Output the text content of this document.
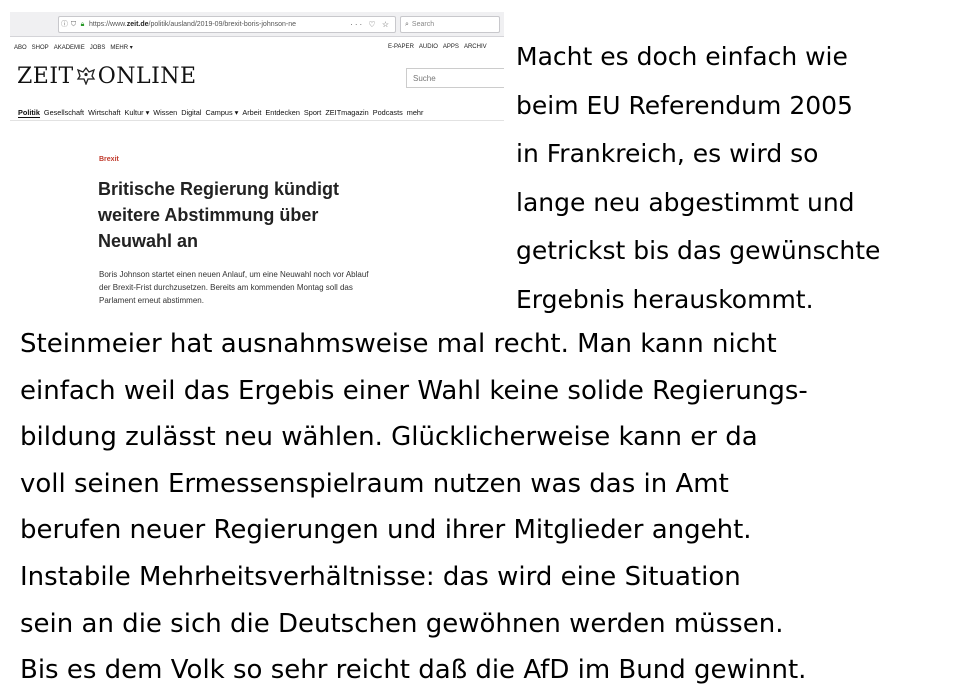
ⓘ ⛉ 🔒︎ https://www.zeit.de/politik/ausland/2019-09/brexit-boris-johnson-ne	··· ♡ ☆	⌕ Search
ABO SHOP AKADEMIE JOBS MEHR ▾	E-PAPER AUDIO APPS ARCHIV
ZEIT ONLINE	Suche
Politik Gesellschaft Wirtschaft Kultur ▾ Wissen Digital Campus ▾ Arbeit Entdecken Sport ZEITmagazin Podcasts mehr
Brexit
Britische Regierung kündigt
weitere Abstimmung über
Neuwahl an
Boris Johnson startet einen neuen Anlauf, um eine Neuwahl noch vor Ablauf
der Brexit-Frist durchzusetzen. Bereits am kommenden Montag soll das
Parlament erneut abstimmen.
Macht es doch einfach wie
beim EU Referendum 2005
in Frankreich, es wird so
lange neu abgestimmt und
getrickst bis das gewünschte
Ergebnis herauskommt.
Steinmeier hat ausnahmsweise mal recht. Man kann nicht
einfach weil das Ergebis einer Wahl keine solide Regierungs-
bildung zulässt neu wählen. Glücklicherweise kann er da
voll seinen Ermessenspielraum nutzen was das in Amt
berufen neuer Regierungen und ihrer Mitglieder angeht.
Instabile Mehrheitsverhältnisse: das wird eine Situation
sein an die sich die Deutschen gewöhnen werden müssen.
Bis es dem Volk so sehr reicht daß die AfD im Bund gewinnt.
